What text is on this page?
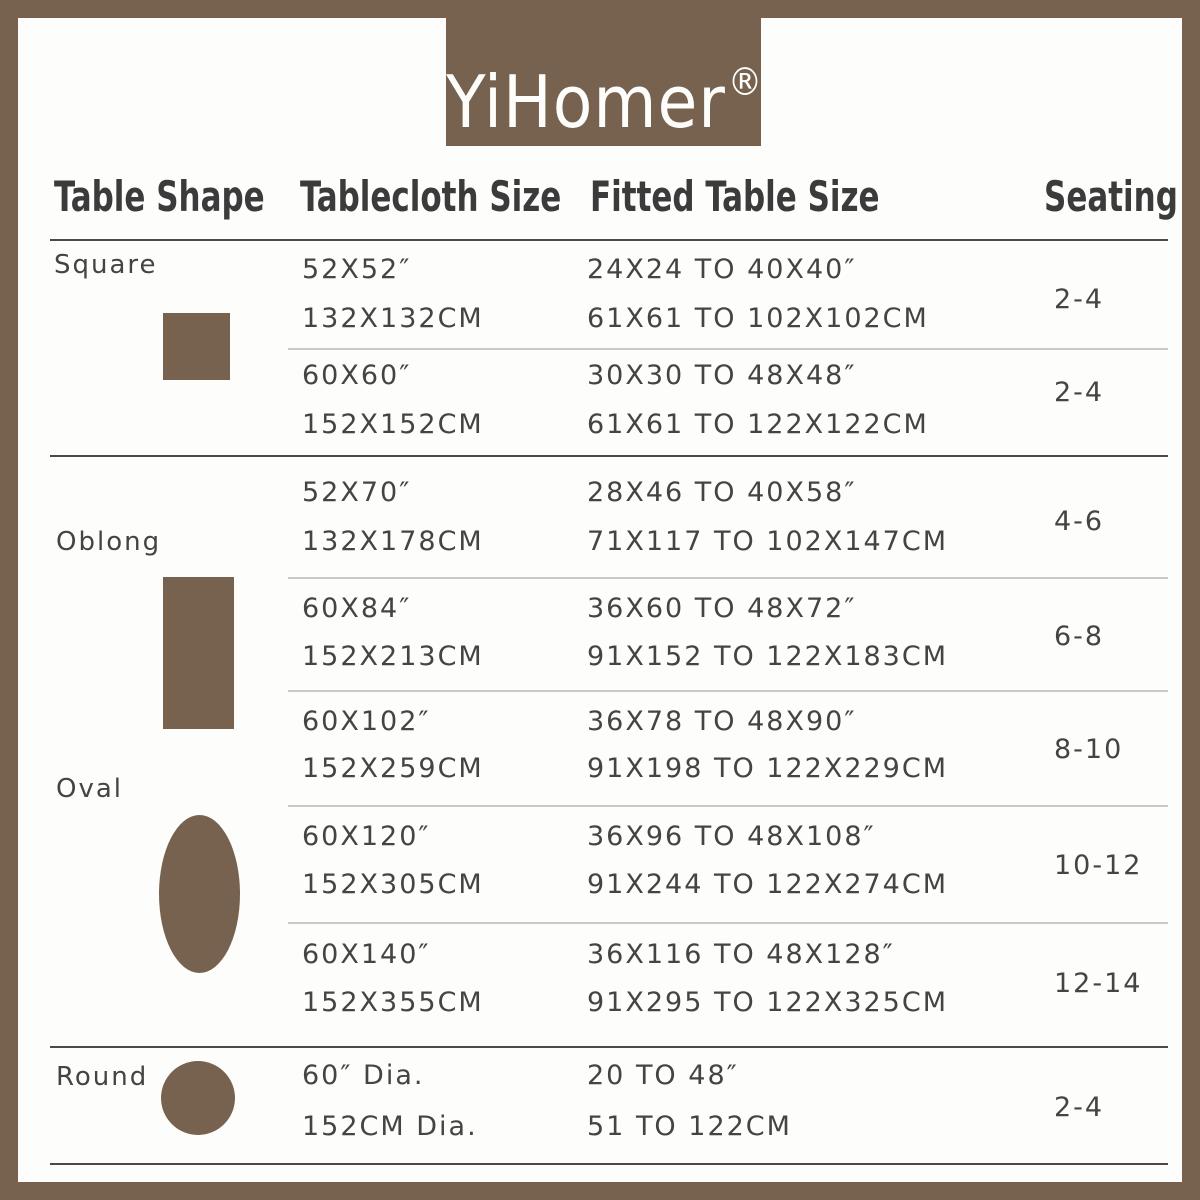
YiHomer®
Table Shape Tablecloth Size Fitted Table Size	Seating
Square
Oblong
Oval
Round
52X52″
132X132CM
24X24 TO 40X40″
61X61 TO 102X102CM
2-4
60X60″
152X152CM
30X30 TO 48X48″
61X61 TO 122X122CM
2-4
52X70″
132X178CM
28X46 TO 40X58″
71X117 TO 102X147CM
4-6
60X84″
152X213CM
36X60 TO 48X72″
91X152 TO 122X183CM
6-8
60X102″
152X259CM
36X78 TO 48X90″
91X198 TO 122X229CM
8-10
60X120″
152X305CM
36X96 TO 48X108″
91X244 TO 122X274CM
10-12
60X140″
152X355CM
36X116 TO 48X128″
91X295 TO 122X325CM
12-14
60″ Dia.
152CM Dia.
20 TO 48″
51 TO 122CM
2-4
